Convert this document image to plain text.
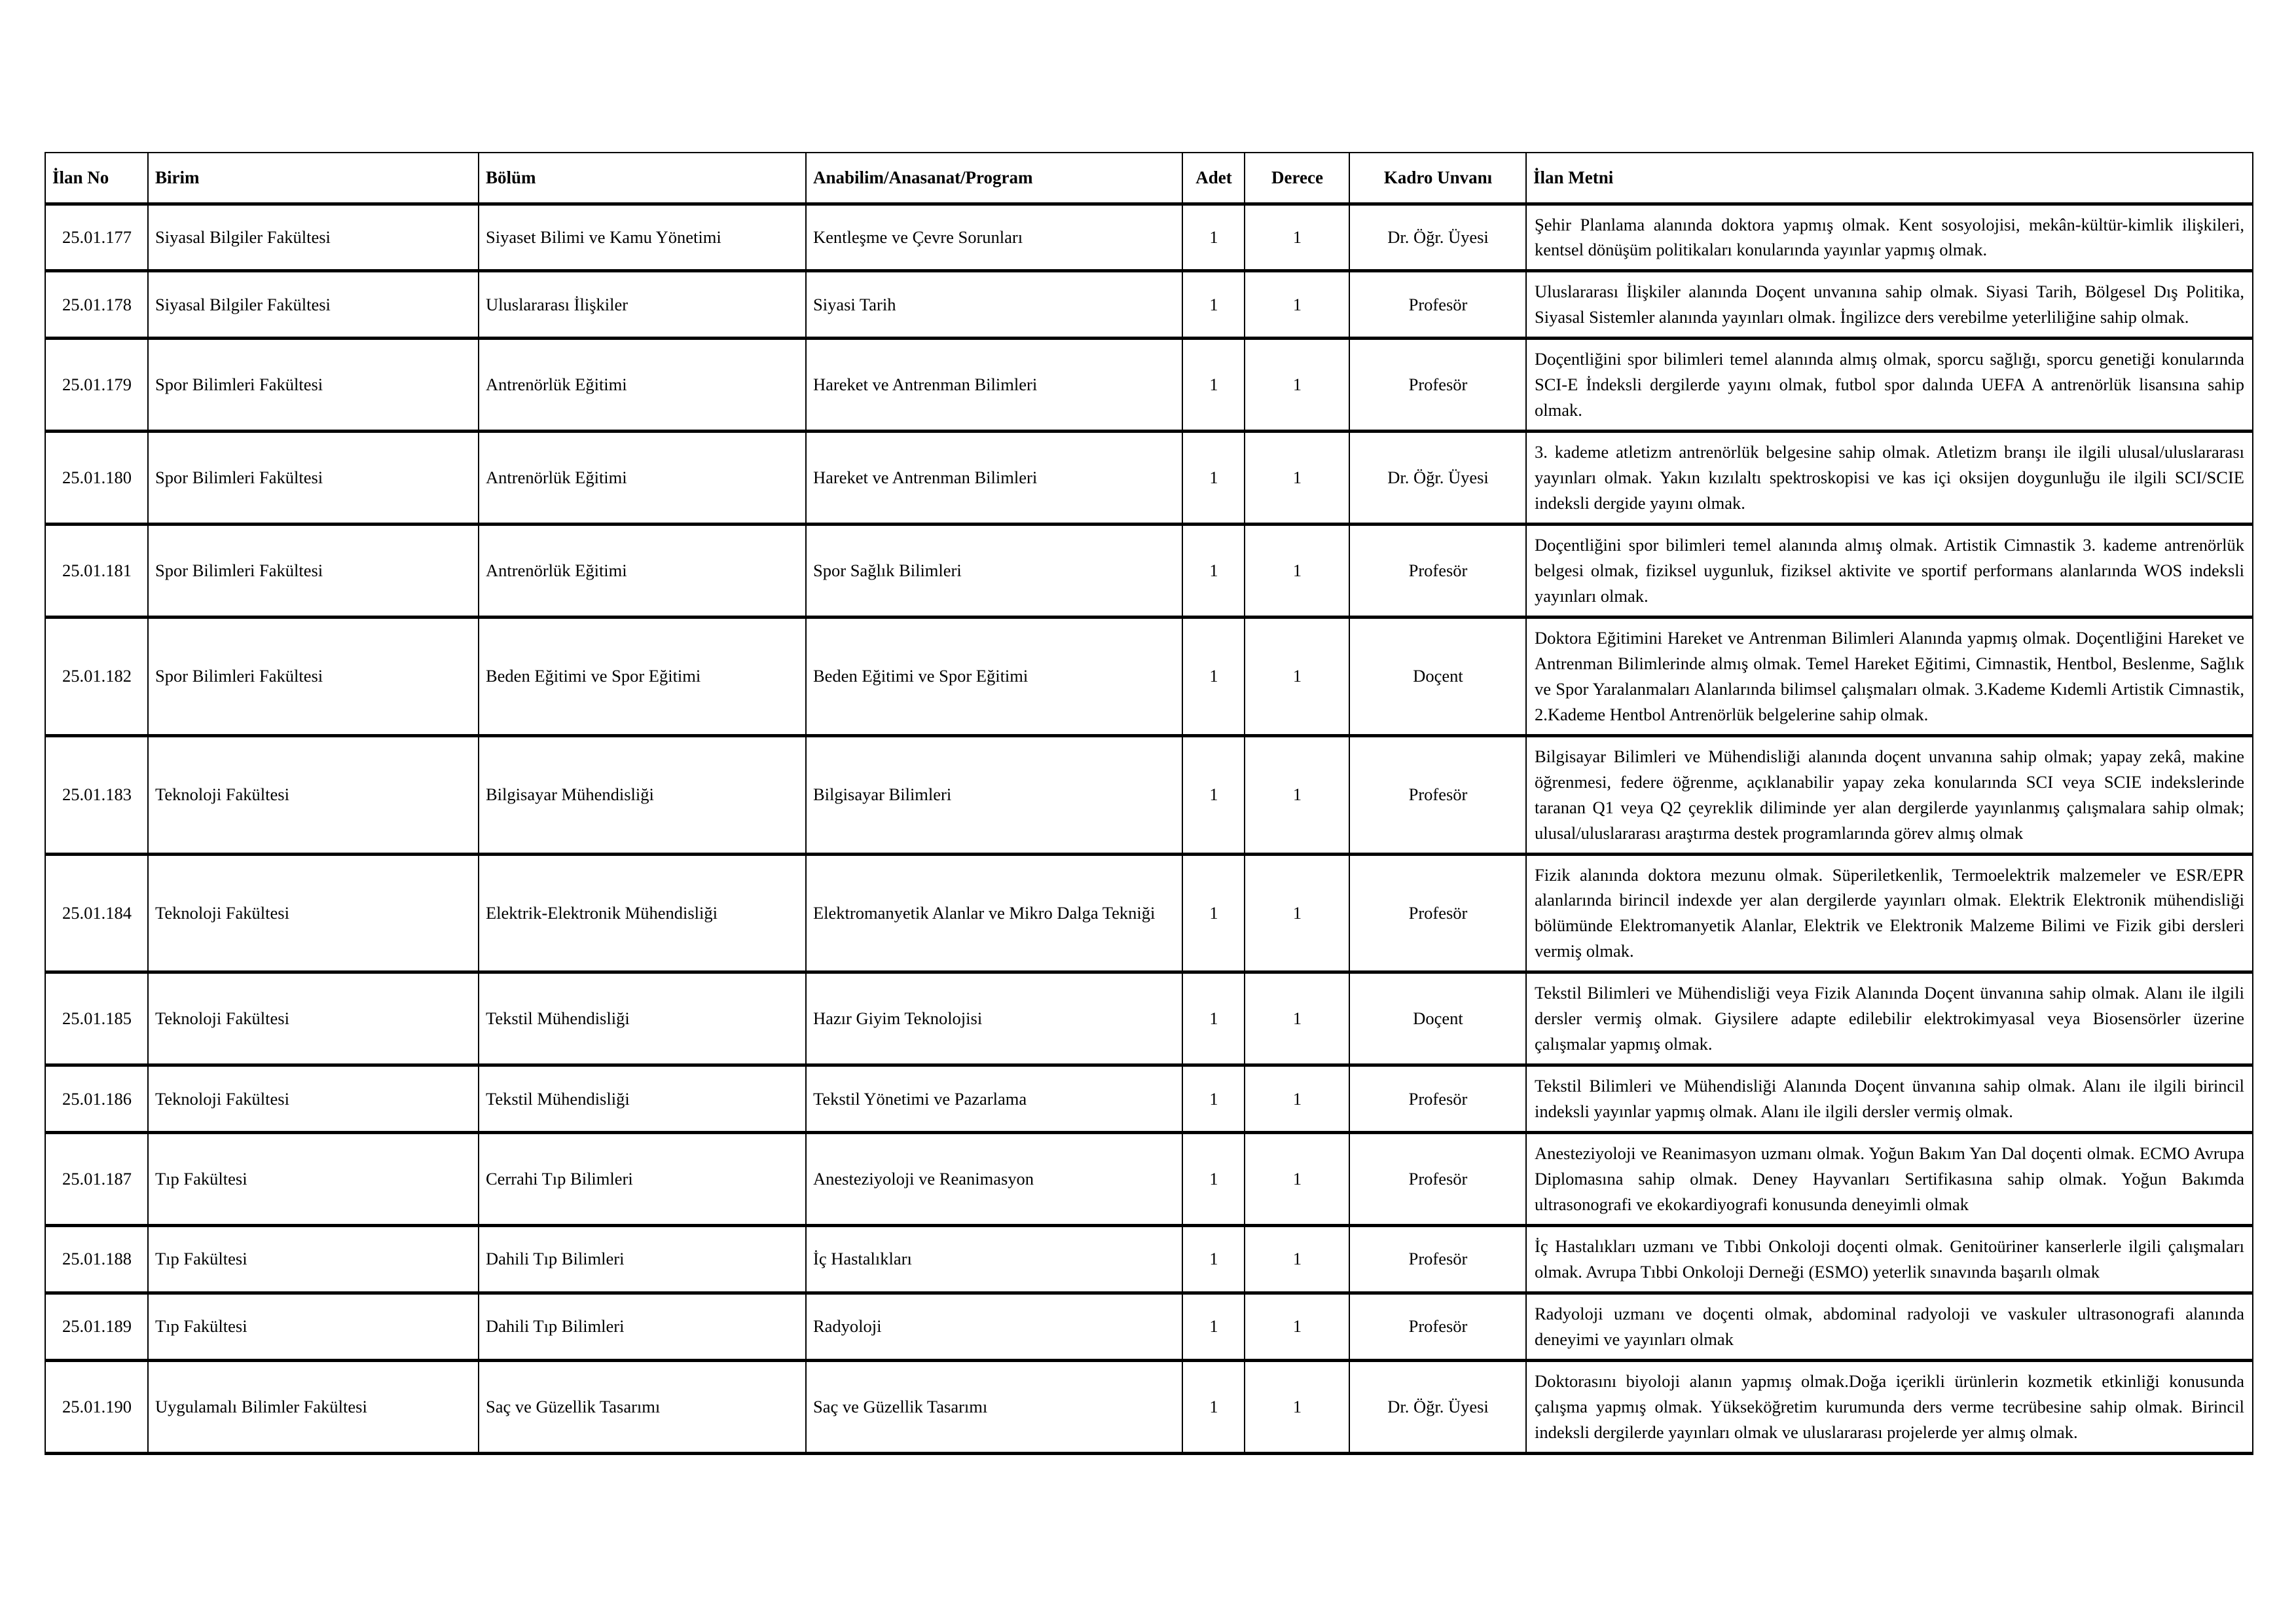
İlan No	Birim	Bölüm	Anabilim/Anasanat/Program	Adet	Derece	Kadro Unvanı	İlan Metni
25.01.177	Siyasal Bilgiler Fakültesi	Siyaset Bilimi ve Kamu Yönetimi	Kentleşme ve Çevre Sorunları	1	1	Dr. Öğr. Üyesi	Şehir Planlama alanında doktora yapmış olmak. Kent sosyolojisi, mekân-kültür-kimlik ilişkileri, kentsel dönüşüm politikaları konularında yayınlar yapmış olmak.
25.01.178	Siyasal Bilgiler Fakültesi	Uluslararası İlişkiler	Siyasi Tarih	1	1	Profesör	Uluslararası İlişkiler alanında Doçent unvanına sahip olmak. Siyasi Tarih, Bölgesel Dış Politika, Siyasal Sistemler alanında yayınları olmak. İngilizce ders verebilme yeterliliğine sahip olmak.
25.01.179	Spor Bilimleri Fakültesi	Antrenörlük Eğitimi	Hareket ve Antrenman Bilimleri	1	1	Profesör	Doçentliğini spor bilimleri temel alanında almış olmak, sporcu sağlığı, sporcu genetiği konularında SCI-E İndeksli dergilerde yayını olmak, futbol spor dalında UEFA A antrenörlük lisansına sahip olmak.
25.01.180	Spor Bilimleri Fakültesi	Antrenörlük Eğitimi	Hareket ve Antrenman Bilimleri	1	1	Dr. Öğr. Üyesi	3. kademe atletizm antrenörlük belgesine sahip olmak. Atletizm branşı ile ilgili ulusal/uluslararası yayınları olmak. Yakın kızılaltı spektroskopisi ve kas içi oksijen doygunluğu ile ilgili SCI/SCIE indeksli dergide yayını olmak.
25.01.181	Spor Bilimleri Fakültesi	Antrenörlük Eğitimi	Spor Sağlık Bilimleri	1	1	Profesör	Doçentliğini spor bilimleri temel alanında almış olmak. Artistik Cimnastik 3. kademe antrenörlük belgesi olmak, fiziksel uygunluk, fiziksel aktivite ve sportif performans alanlarında WOS indeksli yayınları olmak.
25.01.182	Spor Bilimleri Fakültesi	Beden Eğitimi ve Spor Eğitimi	Beden Eğitimi ve Spor Eğitimi	1	1	Doçent	Doktora Eğitimini Hareket ve Antrenman Bilimleri Alanında yapmış olmak. Doçentliğini Hareket ve Antrenman Bilimlerinde almış olmak. Temel Hareket Eğitimi, Cimnastik, Hentbol, Beslenme, Sağlık ve Spor Yaralanmaları Alanlarında bilimsel çalışmaları olmak. 3.Kademe Kıdemli Artistik Cimnastik, 2.Kademe Hentbol Antrenörlük belgelerine sahip olmak.
25.01.183	Teknoloji Fakültesi	Bilgisayar Mühendisliği	Bilgisayar Bilimleri	1	1	Profesör	Bilgisayar Bilimleri ve Mühendisliği alanında doçent unvanına sahip olmak; yapay zekâ, makine öğrenmesi, federe öğrenme, açıklanabilir yapay zeka konularında SCI veya SCIE indekslerinde taranan Q1 veya Q2 çeyreklik diliminde yer alan dergilerde yayınlanmış çalışmalara sahip olmak; ulusal/uluslararası araştırma destek programlarında görev almış olmak
25.01.184	Teknoloji Fakültesi	Elektrik-Elektronik Mühendisliği	Elektromanyetik Alanlar ve Mikro Dalga Tekniği	1	1	Profesör	Fizik alanında doktora mezunu olmak. Süperiletkenlik, Termoelektrik malzemeler ve ESR/EPR alanlarında birincil indexde yer alan dergilerde yayınları olmak. Elektrik Elektronik mühendisliği bölümünde Elektromanyetik Alanlar, Elektrik ve Elektronik Malzeme Bilimi ve Fizik gibi dersleri vermiş olmak.
25.01.185	Teknoloji Fakültesi	Tekstil Mühendisliği	Hazır Giyim Teknolojisi	1	1	Doçent	Tekstil Bilimleri ve Mühendisliği veya Fizik Alanında Doçent ünvanına sahip olmak. Alanı ile ilgili dersler vermiş olmak. Giysilere adapte edilebilir elektrokimyasal veya Biosensörler üzerine çalışmalar yapmış olmak.
25.01.186	Teknoloji Fakültesi	Tekstil Mühendisliği	Tekstil Yönetimi ve Pazarlama	1	1	Profesör	Tekstil Bilimleri ve Mühendisliği Alanında Doçent ünvanına sahip olmak. Alanı ile ilgili birincil indeksli yayınlar yapmış olmak. Alanı ile ilgili dersler vermiş olmak.
25.01.187	Tıp Fakültesi	Cerrahi Tıp Bilimleri	Anesteziyoloji ve Reanimasyon	1	1	Profesör	Anesteziyoloji ve Reanimasyon uzmanı olmak. Yoğun Bakım Yan Dal doçenti olmak. ECMO Avrupa Diplomasına sahip olmak. Deney Hayvanları Sertifikasına sahip olmak. Yoğun Bakımda ultrasonografi ve ekokardiyografi konusunda deneyimli olmak
25.01.188	Tıp Fakültesi	Dahili Tıp Bilimleri	İç Hastalıkları	1	1	Profesör	İç Hastalıkları uzmanı ve Tıbbi Onkoloji doçenti olmak. Genitoüriner kanserlerle ilgili çalışmaları olmak. Avrupa Tıbbi Onkoloji Derneği (ESMO) yeterlik sınavında başarılı olmak
25.01.189	Tıp Fakültesi	Dahili Tıp Bilimleri	Radyoloji	1	1	Profesör	Radyoloji uzmanı ve doçenti olmak, abdominal radyoloji ve vaskuler ultrasonografi alanında deneyimi ve yayınları olmak
25.01.190	Uygulamalı Bilimler Fakültesi	Saç ve Güzellik Tasarımı	Saç ve Güzellik Tasarımı	1	1	Dr. Öğr. Üyesi	Doktorasını biyoloji alanın yapmış olmak.Doğa içerikli ürünlerin kozmetik etkinliği konusunda çalışma yapmış olmak. Yükseköğretim kurumunda ders verme tecrübesine sahip olmak. Birincil indeksli dergilerde yayınları olmak ve uluslararası projelerde yer almış olmak.
